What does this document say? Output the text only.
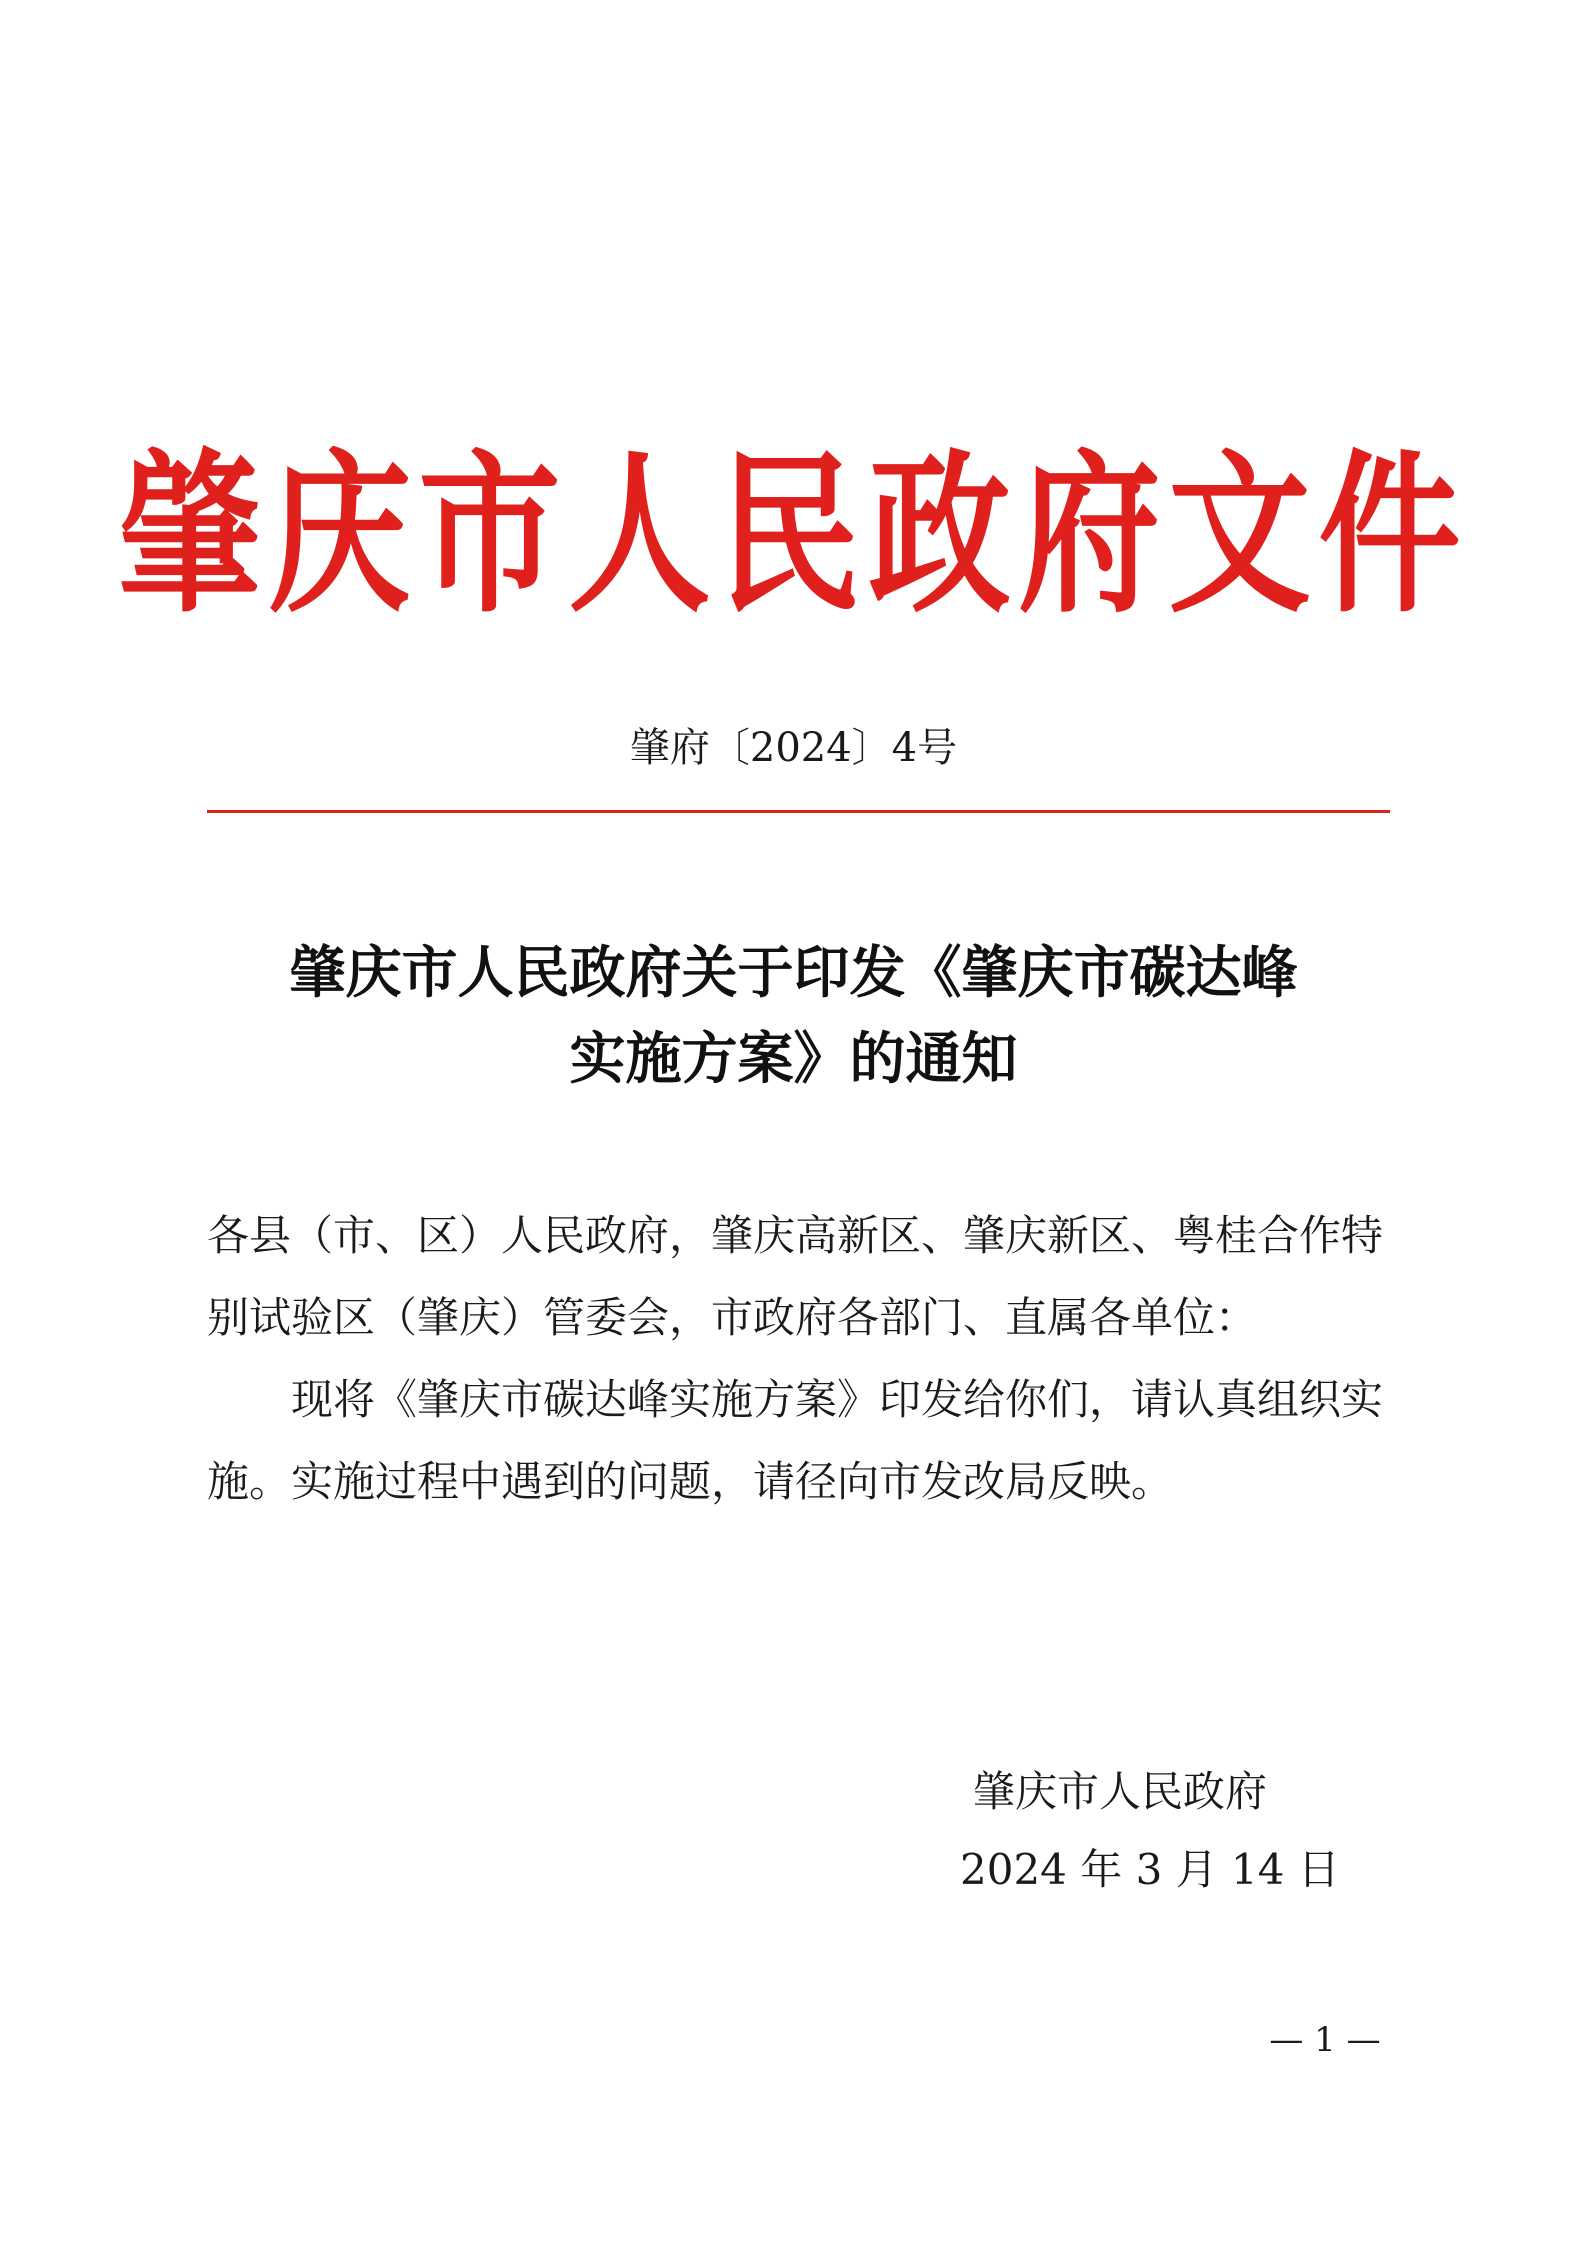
肇庆市人民政府文件
肇府〔2024〕4号
肇庆市人民政府关于印发《肇庆市碳达峰
实施方案》的通知
各县（市、区）人民政府，肇庆高新区、肇庆新区、粤桂合作特
别试验区（肇庆）管委会，市政府各部门、直属各单位：
现将《肇庆市碳达峰实施方案》印发给你们，请认真组织实
施。实施过程中遇到的问题，请径向市发改局反映。
肇庆市人民政府
2024 年 3 月 14 日
— 1 —
